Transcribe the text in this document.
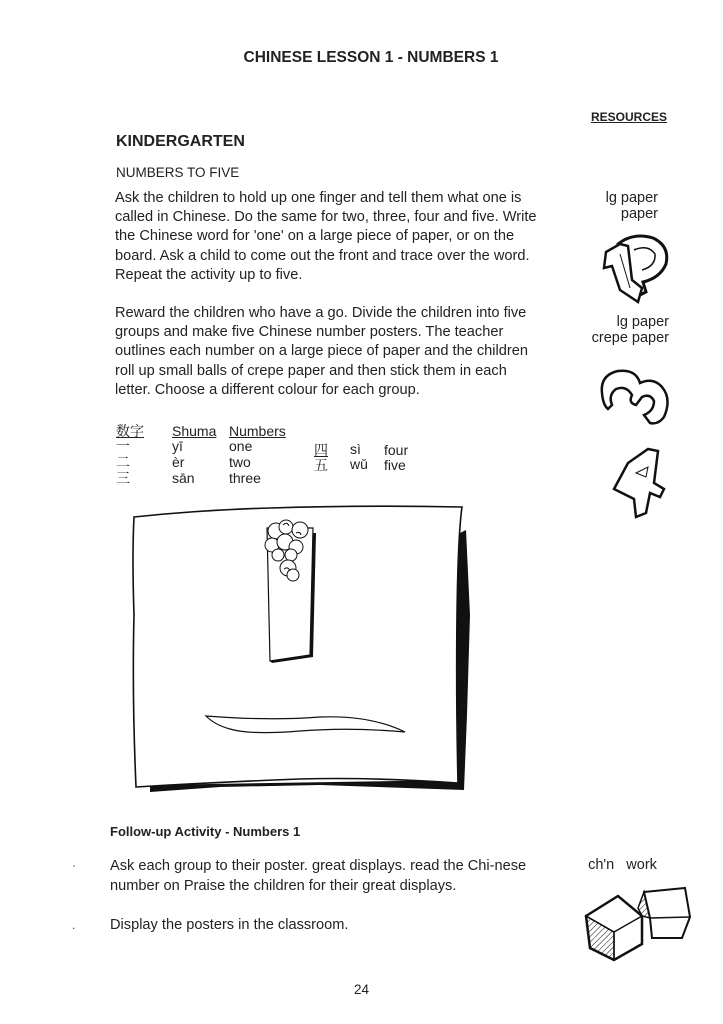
CHINESE LESSON 1 - NUMBERS 1
RESOURCES
KINDERGARTEN
NUMBERS TO FIVE
Ask the children to hold up one finger and tell them what one is called in Chinese. Do the same for two, three, four and five. Write the Chinese word for 'one' on a large piece of paper, or on the board. Ask a child to come out the front and trace over the word. Repeat the activity up to five.
Reward the children who have a go. Divide the children into five groups and make five Chinese number posters. The teacher outlines each number on a large piece of paper and the children roll up small balls of crepe paper and then stick them in each letter. Choose a different colour for each group.
数字 Shuma Numbers
一	yī	one
二	èr	two
三	sān three
四 sì four
五 wǔ five
lg paper
paper
lg paper
crepe paper
Follow-up Activity - Numbers 1
· Ask each group to their poster. great displays. read the Chi-nese number on Praise the children for their great displays.
. Display the posters in the classroom.
ch'n   work
24
